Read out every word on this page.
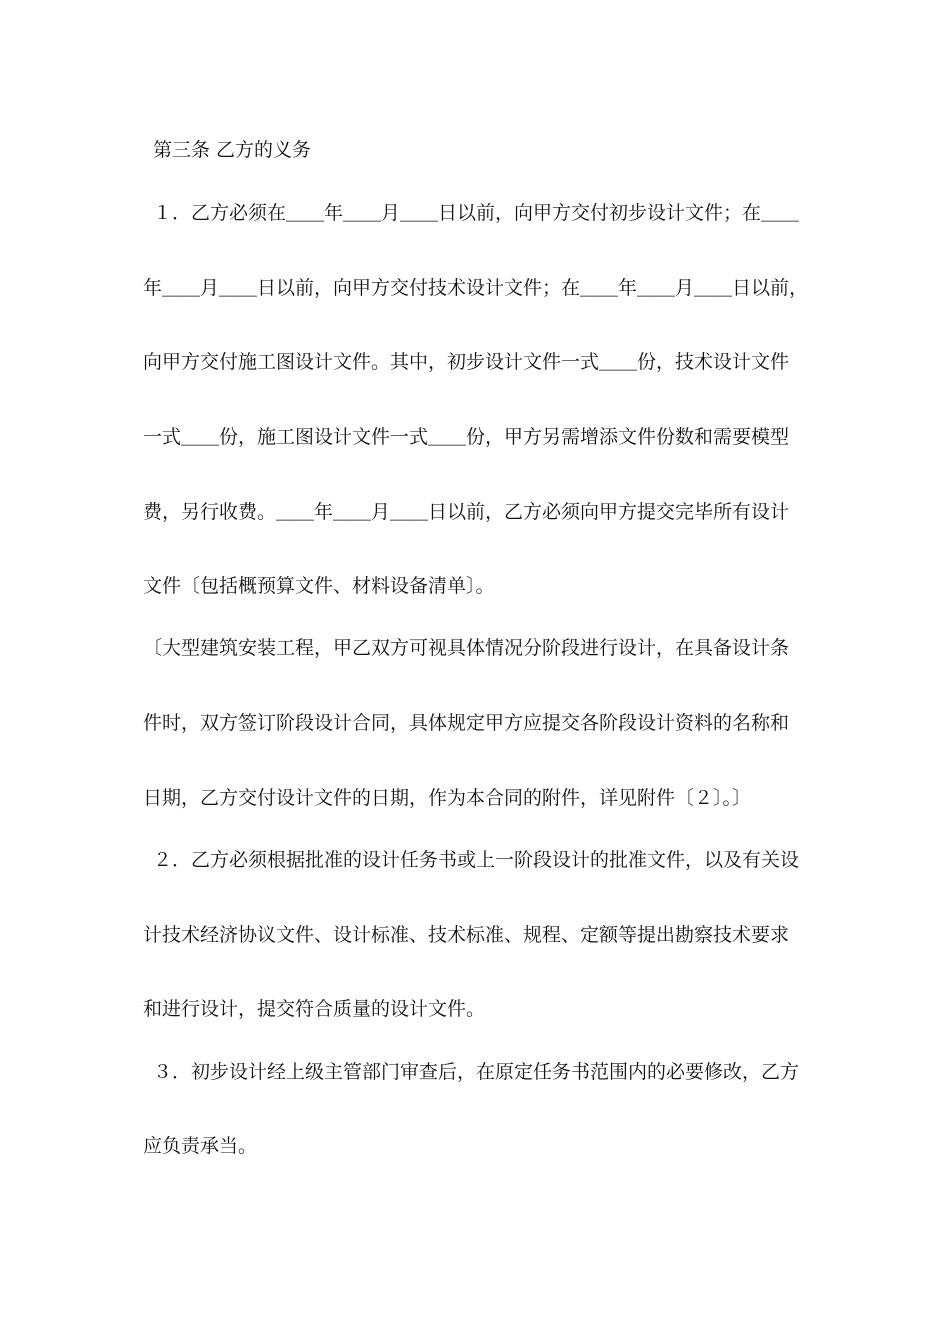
第三条 乙方的义务
１．乙方必须在＿＿年＿＿月＿＿日以前，向甲方交付初步设计文件；在＿＿
年＿＿月＿＿日以前，向甲方交付技术设计文件；在＿＿年＿＿月＿＿日以前，
向甲方交付施工图设计文件。其中，初步设计文件一式＿＿份，技术设计文件
一式＿＿份，施工图设计文件一式＿＿份，甲方另需增添文件份数和需要模型
费，另行收费。＿＿年＿＿月＿＿日以前，乙方必须向甲方提交完毕所有设计
文件〔包括概预算文件、材料设备清单〕。
〔大型建筑安装工程，甲乙双方可视具体情况分阶段进行设计，在具备设计条
件时，双方签订阶段设计合同，具体规定甲方应提交各阶段设计资料的名称和
日期，乙方交付设计文件的日期，作为本合同的附件，详见附件〔２〕。〕
２．乙方必须根据批准的设计任务书或上一阶段设计的批准文件，以及有关设
计技术经济协议文件、设计标准、技术标准、规程、定额等提出勘察技术要求
和进行设计，提交符合质量的设计文件。
３．初步设计经上级主管部门审查后，在原定任务书范围内的必要修改，乙方
应负责承当。
